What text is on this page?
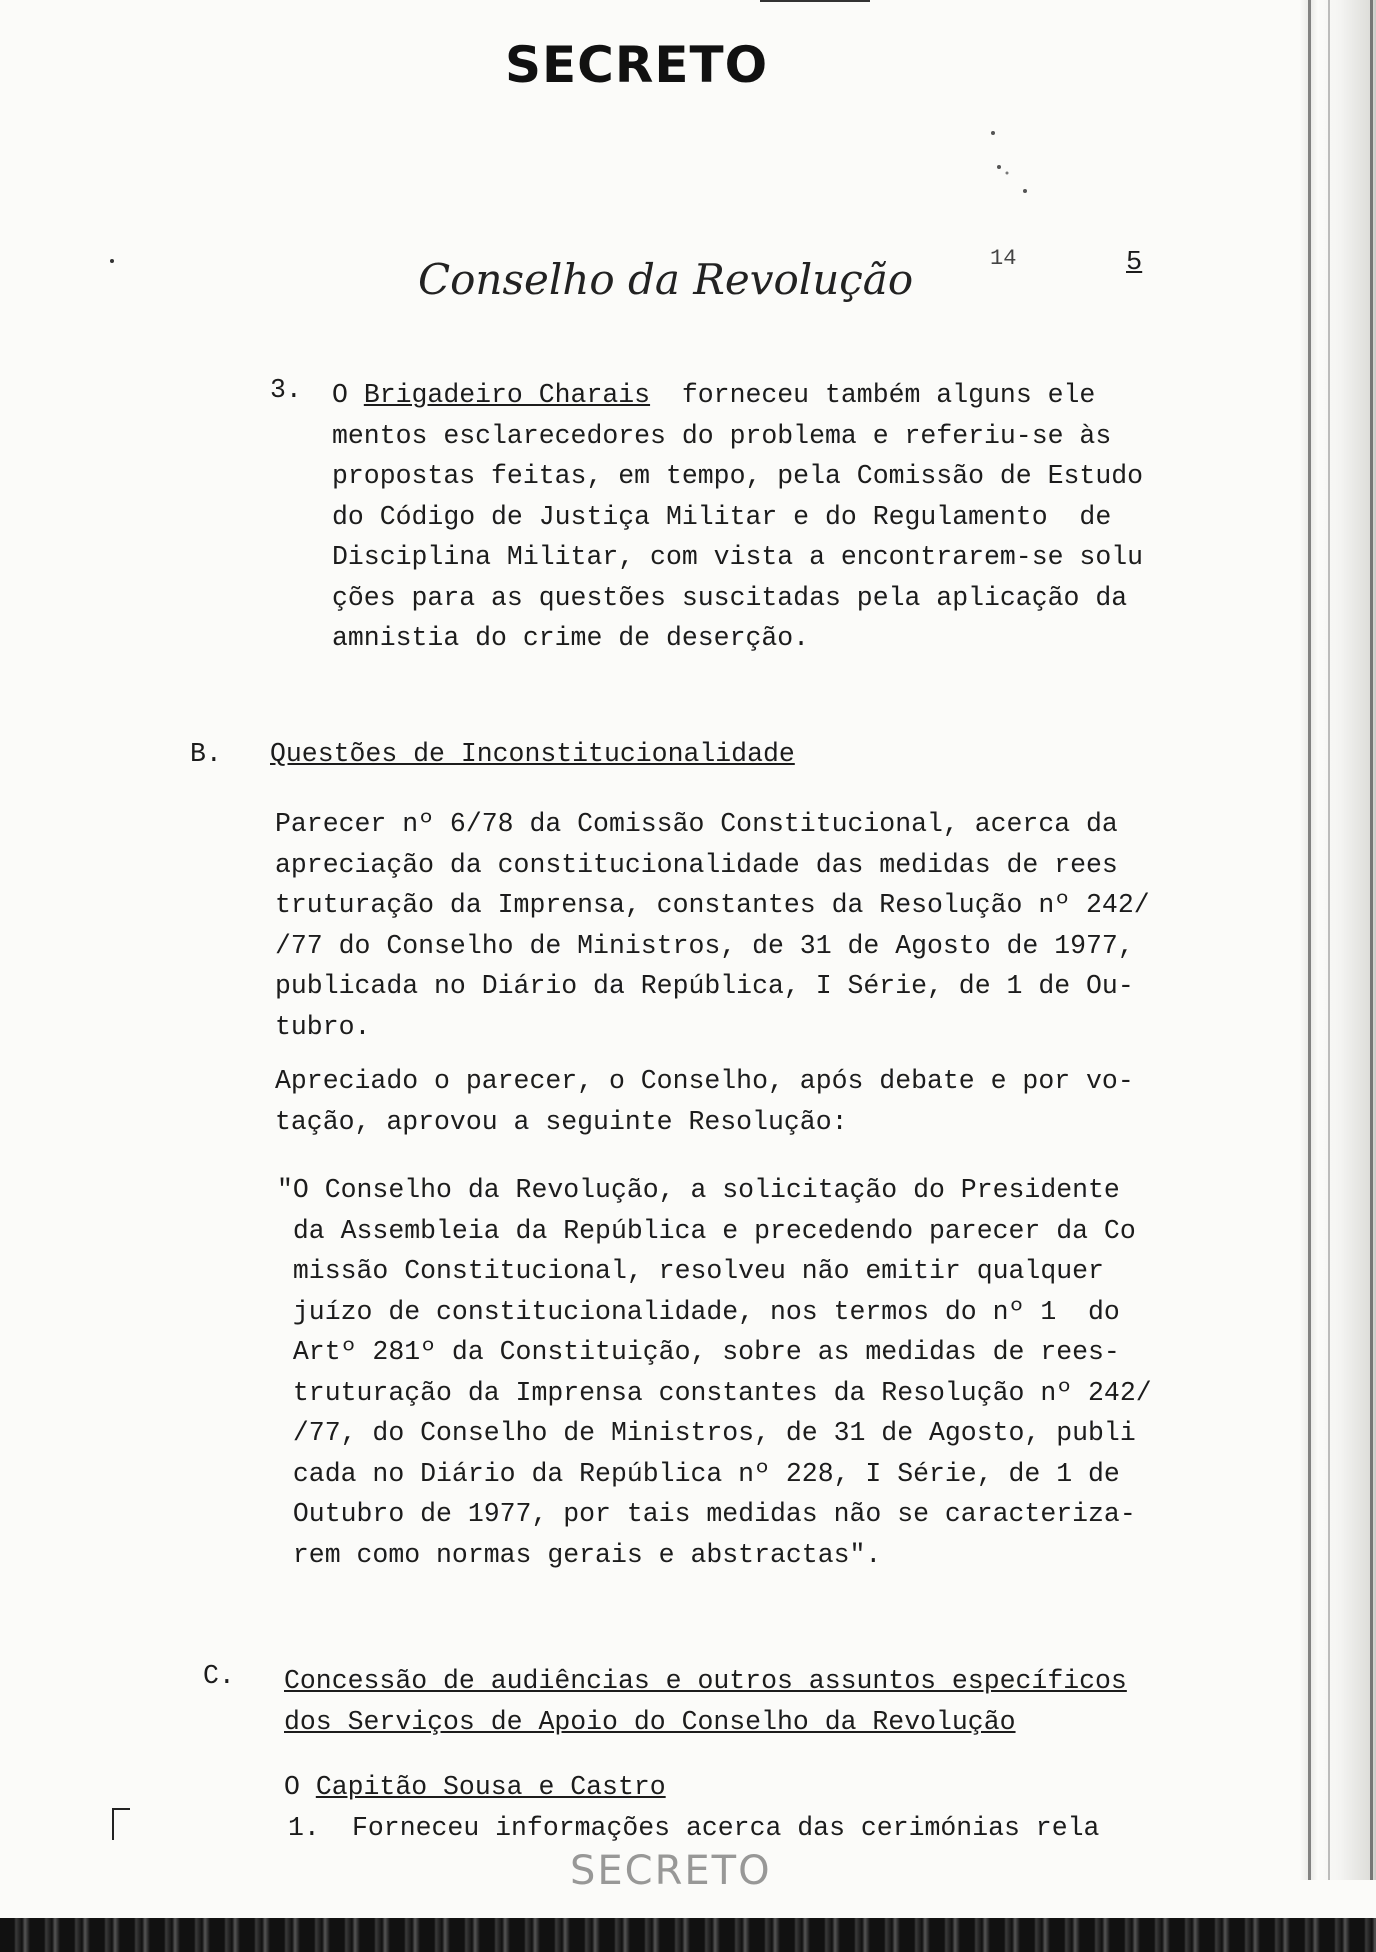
SECRETO
Conselho da Revolução	14	5
3. O Brigadeiro Charais  forneceu também alguns ele
mentos esclarecedores do problema e referiu-se às
propostas feitas, em tempo, pela Comissão de Estudo
do Código de Justiça Militar e do Regulamento  de
Disciplina Militar, com vista a encontrarem-se solu
ções para as questões suscitadas pela aplicação da
amnistia do crime de deserção.
B. Questões de Inconstitucionalidade
Parecer nº 6/78 da Comissão Constitucional, acerca da
apreciação da constitucionalidade das medidas de rees
truturação da Imprensa, constantes da Resolução nº 242/
/77 do Conselho de Ministros, de 31 de Agosto de 1977,
publicada no Diário da República, I Série, de 1 de Ou-
tubro.
Apreciado o parecer, o Conselho, após debate e por vo-
tação, aprovou a seguinte Resolução:
"O Conselho da Revolução, a solicitação do Presidente
da Assembleia da República e precedendo parecer da Co
missão Constitucional, resolveu não emitir qualquer
juízo de constitucionalidade, nos termos do nº 1  do
Artº 281º da Constituição, sobre as medidas de rees-
truturação da Imprensa constantes da Resolução nº 242/
/77, do Conselho de Ministros, de 31 de Agosto, publi
cada no Diário da República nº 228, I Série, de 1 de
Outubro de 1977, por tais medidas não se caracteriza-
rem como normas gerais e abstractas".
C. Concessão de audiências e outros assuntos específicos
dos Serviços de Apoio do Conselho da Revolução
O Capitão Sousa e Castro
1. Forneceu informações acerca das cerimónias rela
SECRETO
